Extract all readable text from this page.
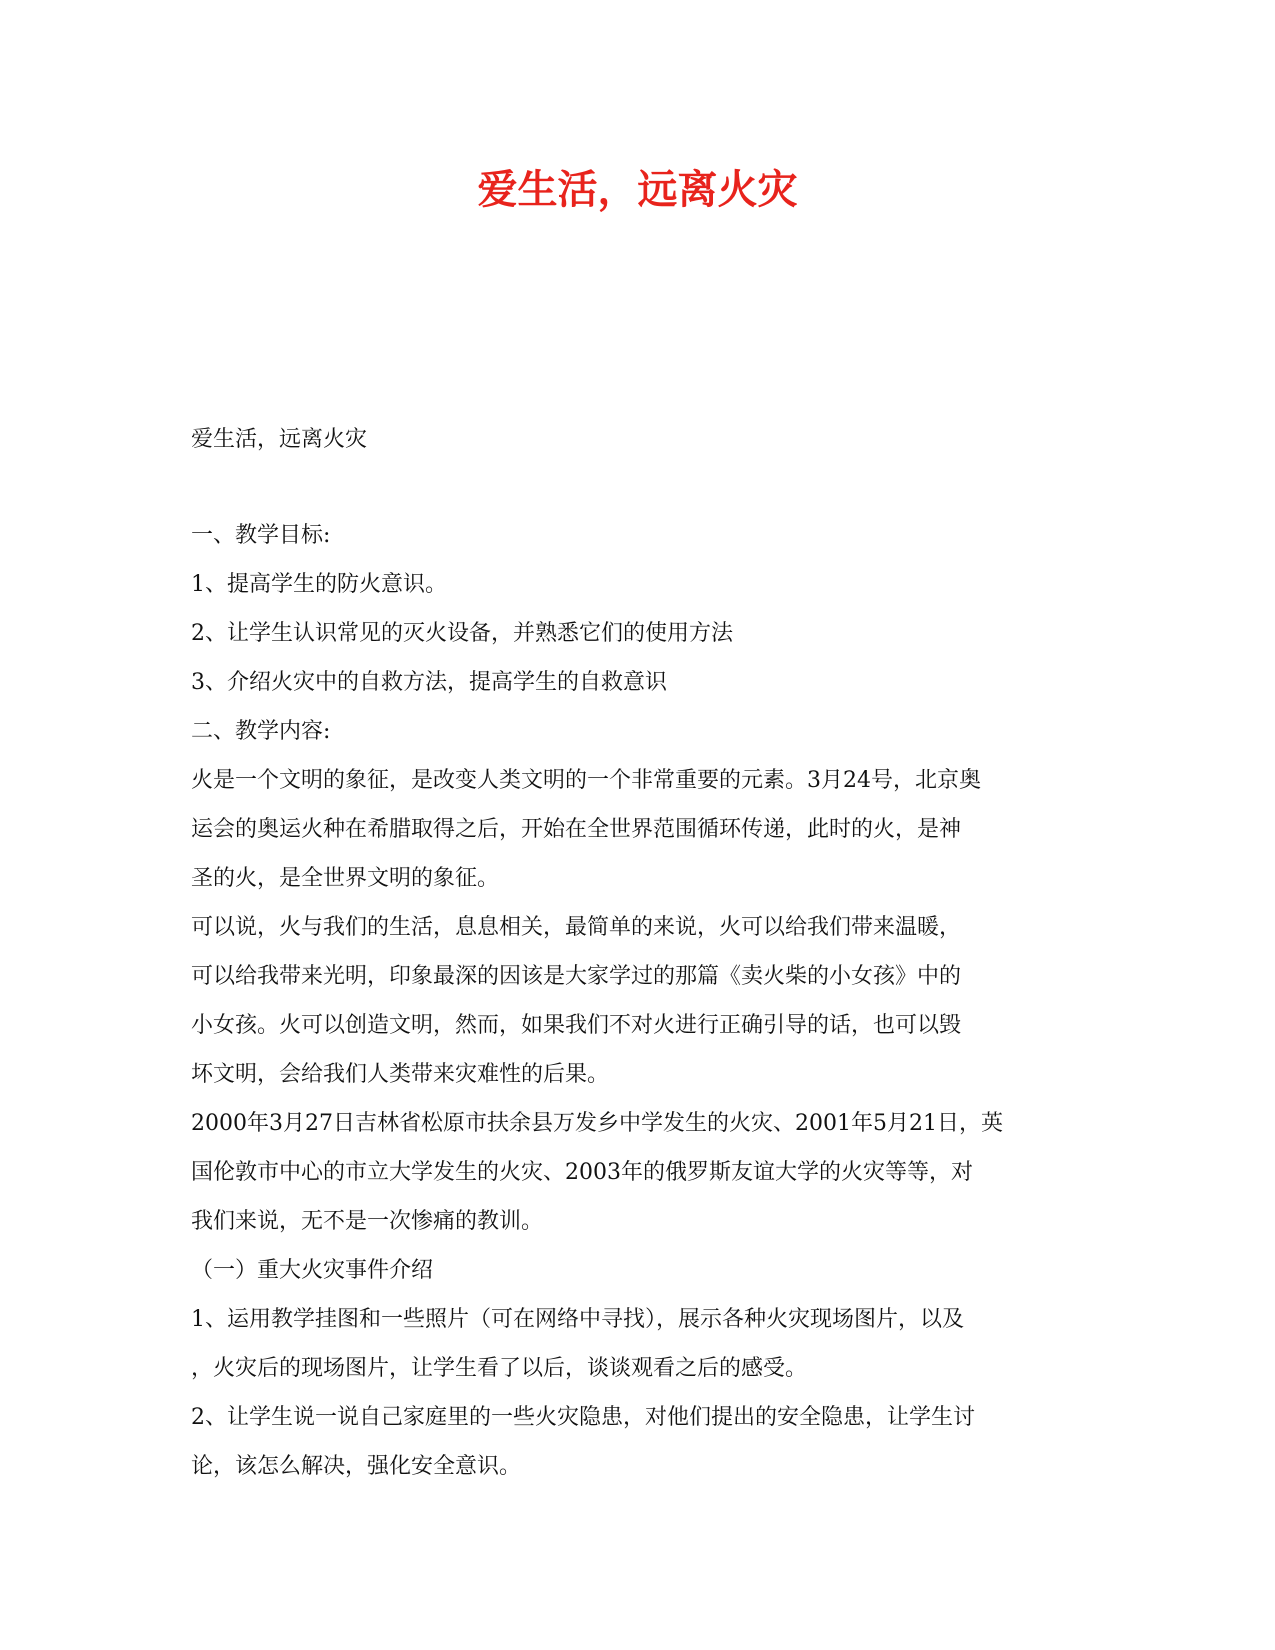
爱生活，远离火灾

爱生活，远离火灾

一、教学目标:

1、提高学生的防火意识。

2、让学生认识常见的灭火设备，并熟悉它们的使用方法

3、介绍火灾中的自救方法，提高学生的自救意识

二、教学内容:

火是一个文明的象征，是改变人类文明的一个非常重要的元素。3月24号，北京奥

运会的奥运火种在希腊取得之后，开始在全世界范围循环传递，此时的火，是神

圣的火，是全世界文明的象征。

可以说，火与我们的生活，息息相关，最简单的来说，火可以给我们带来温暖，

可以给我带来光明，印象最深的因该是大家学过的那篇《卖火柴的小女孩》中的

小女孩。火可以创造文明，然而，如果我们不对火进行正确引导的话，也可以毁

坏文明，会给我们人类带来灾难性的后果。

2000年3月27日吉林省松原市扶余县万发乡中学发生的火灾、2001年5月21日，英

国伦敦市中心的市立大学发生的火灾、2003年的俄罗斯友谊大学的火灾等等，对

我们来说，无不是一次惨痛的教训。

（一）重大火灾事件介绍

1、运用教学挂图和一些照片（可在网络中寻找），展示各种火灾现场图片，以及

，火灾后的现场图片，让学生看了以后，谈谈观看之后的感受。

2、让学生说一说自己家庭里的一些火灾隐患，对他们提出的安全隐患，让学生讨

论，该怎么解决，强化安全意识。
